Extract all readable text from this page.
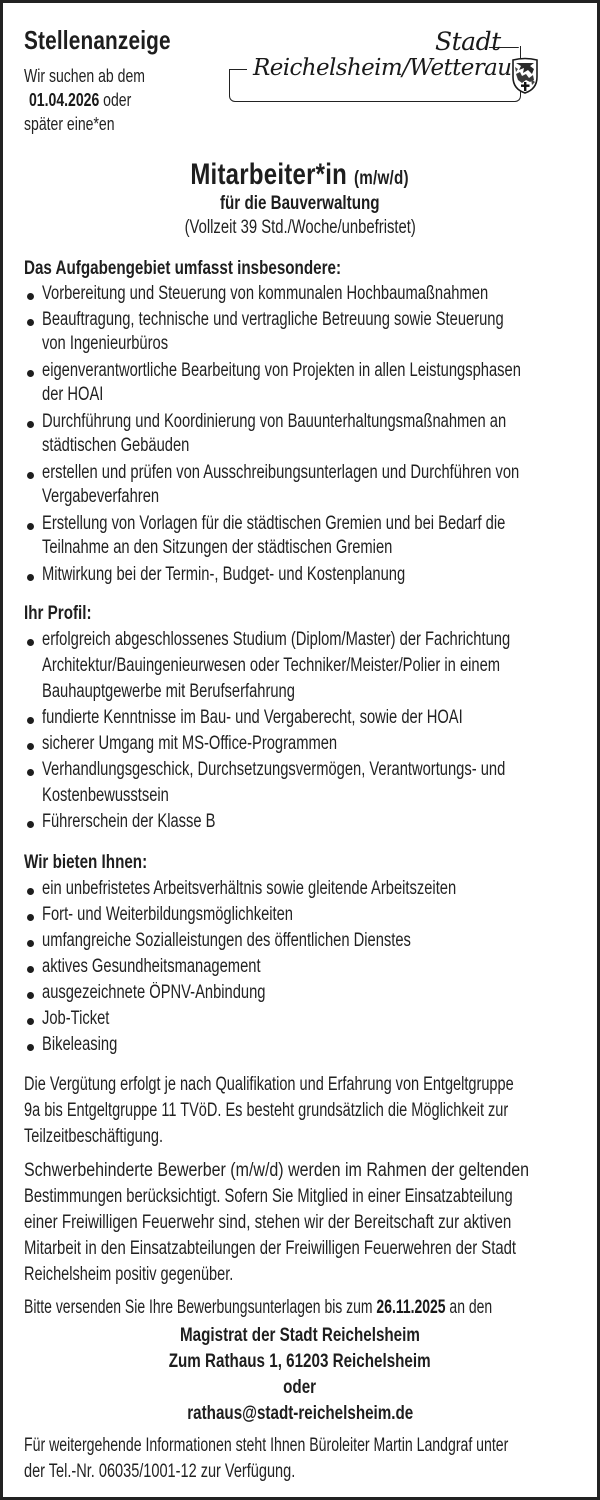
Stellenanzeige
Wir suchen ab dem
01.04.2026 oder
später eine*en
Stadt
Reichelsheim/Wetterau
Mitarbeiter*in (m/w/d)
für die Bauverwaltung
(Vollzeit 39 Std./Woche/unbefristet)
Das Aufgabengebiet umfasst insbesondere:
Vorbereitung und Steuerung von kommunalen Hochbaumaßnahmen
Beauftragung, technische und vertragliche Betreuung sowie Steuerung
von Ingenieurbüros
eigenverantwortliche Bearbeitung von Projekten in allen Leistungsphasen
der HOAI
Durchführung und Koordinierung von Bauunterhaltungsmaßnahmen an
städtischen Gebäuden
erstellen und prüfen von Ausschreibungsunterlagen und Durchführen von
Vergabeverfahren
Erstellung von Vorlagen für die städtischen Gremien und bei Bedarf die
Teilnahme an den Sitzungen der städtischen Gremien
Mitwirkung bei der Termin-, Budget- und Kostenplanung
Ihr Profil:
erfolgreich abgeschlossenes Studium (Diplom/Master) der Fachrichtung
Architektur/Bauingenieurwesen oder Techniker/Meister/Polier in einem
Bauhauptgewerbe mit Berufserfahrung
fundierte Kenntnisse im Bau- und Vergaberecht, sowie der HOAI
sicherer Umgang mit MS-Office-Programmen
Verhandlungsgeschick, Durchsetzungsvermögen, Verantwortungs- und
Kostenbewusstsein
Führerschein der Klasse B
Wir bieten Ihnen:
ein unbefristetes Arbeitsverhältnis sowie gleitende Arbeitszeiten
Fort- und Weiterbildungsmöglichkeiten
umfangreiche Sozialleistungen des öffentlichen Dienstes
aktives Gesundheitsmanagement
ausgezeichnete ÖPNV-Anbindung
Job-Ticket
Bikeleasing
Die Vergütung erfolgt je nach Qualifikation und Erfahrung von Entgeltgruppe
9a bis Entgeltgruppe 11 TVöD. Es besteht grundsätzlich die Möglichkeit zur
Teilzeitbeschäftigung.
Schwerbehinderte Bewerber (m/w/d) werden im Rahmen der geltenden
Bestimmungen berücksichtigt. Sofern Sie Mitglied in einer Einsatzabteilung
einer Freiwilligen Feuerwehr sind, stehen wir der Bereitschaft zur aktiven
Mitarbeit in den Einsatzabteilungen der Freiwilligen Feuerwehren der Stadt
Reichelsheim positiv gegenüber.
Bitte versenden Sie Ihre Bewerbungsunterlagen bis zum 26.11.2025 an den
Magistrat der Stadt Reichelsheim
Zum Rathaus 1, 61203 Reichelsheim
oder
rathaus@stadt-reichelsheim.de
Für weitergehende Informationen steht Ihnen Büroleiter Martin Landgraf unter
der Tel.-Nr. 06035/1001-12 zur Verfügung.
